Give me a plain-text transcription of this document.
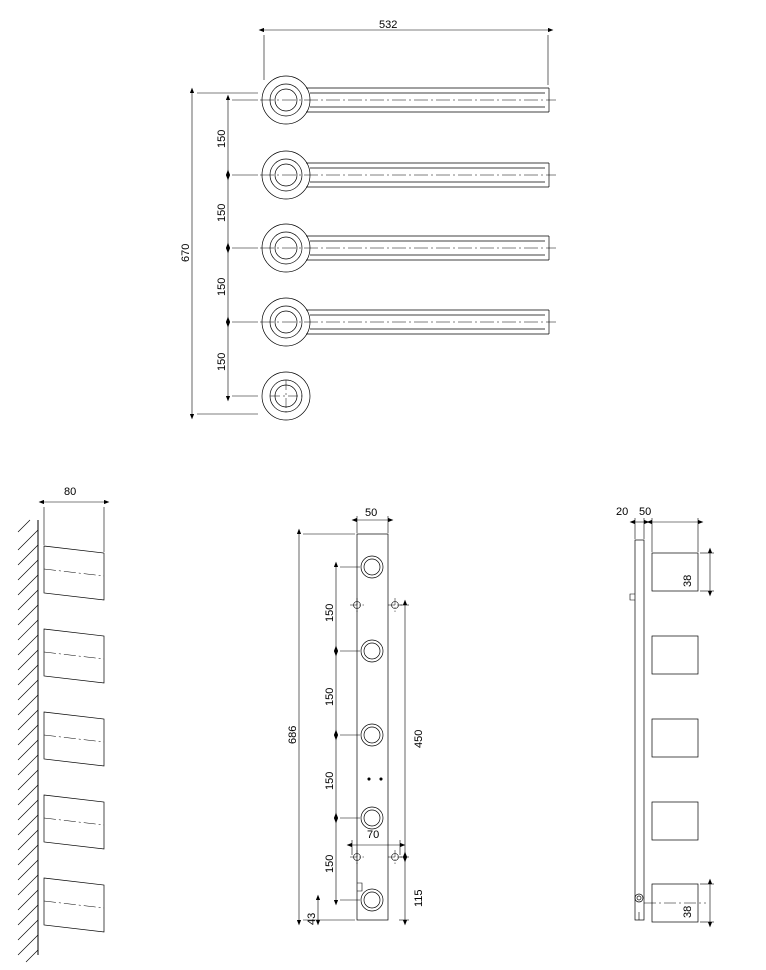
532
670
150
150
150
150
80
50
686
150
150
150
150
43
450
70
115
20 50
38
38
